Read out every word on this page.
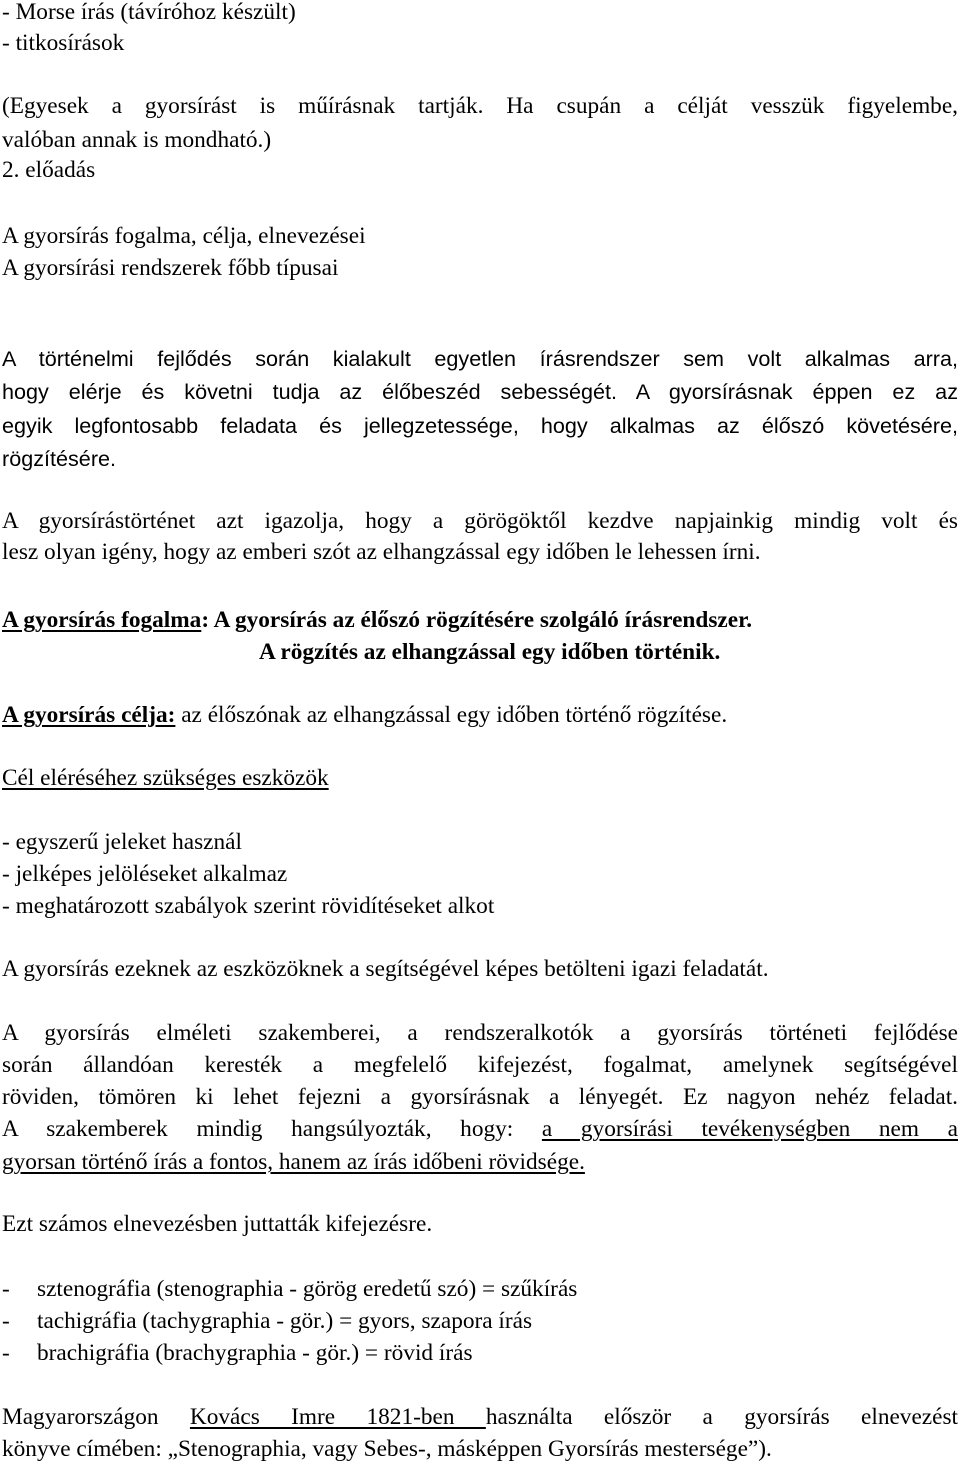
- Morse írás (távíróhoz készült)
- titkosírások
(Egyesek a gyorsírást is műírásnak tartják. Ha csupán a célját vesszük figyelembe,
valóban annak is mondható.)
2. előadás
A gyorsírás fogalma, célja, elnevezései
A gyorsírási rendszerek főbb típusai
A történelmi fejlődés során kialakult egyetlen írásrendszer sem volt alkalmas arra,
hogy elérje és követni tudja az élőbeszéd sebességét. A gyorsírásnak éppen ez az
egyik legfontosabb feladata és jellegzetessége, hogy alkalmas az élőszó követésére,
rögzítésére.
A gyorsírástörténet azt igazolja, hogy a görögöktől kezdve napjainkig mindig volt és
lesz olyan igény, hogy az emberi szót az elhangzással egy időben le lehessen írni.
A gyorsírás fogalma: A gyorsírás az élőszó rögzítésére szolgáló írásrendszer.
A rögzítés az elhangzással egy időben történik.
A gyorsírás célja: az élőszónak az elhangzással egy időben történő rögzítése.
Cél eléréséhez szükséges eszközök
- egyszerű jeleket használ
- jelképes jelöléseket alkalmaz
- meghatározott szabályok szerint rövidítéseket alkot
A gyorsírás ezeknek az eszközöknek a segítségével képes betölteni igazi feladatát.
A gyorsírás elméleti szakemberei, a rendszeralkotók a gyorsírás történeti fejlődése
során állandóan keresték a megfelelő kifejezést, fogalmat, amelynek segítségével
röviden, tömören ki lehet fejezni a gyorsírásnak a lényegét. Ez nagyon nehéz feladat.
A szakemberek mindig hangsúlyozták, hogy: a gyorsírási tevékenységben nem a
gyorsan történő írás a fontos, hanem az írás időbeni rövidsége.
Ezt számos elnevezésben juttatták kifejezésre.
- sztenográfia (stenographia - görög eredetű szó) = szűkírás
- tachigráfia (tachygraphia - gör.) = gyors, szapora írás
- brachigráfia (brachygraphia - gör.) = rövid írás
Magyarországon Kovács Imre 1821-ben használta először a gyorsírás elnevezést
könyve címében: „Stenographia, vagy Sebes-, másképpen Gyorsírás mestersége”).
